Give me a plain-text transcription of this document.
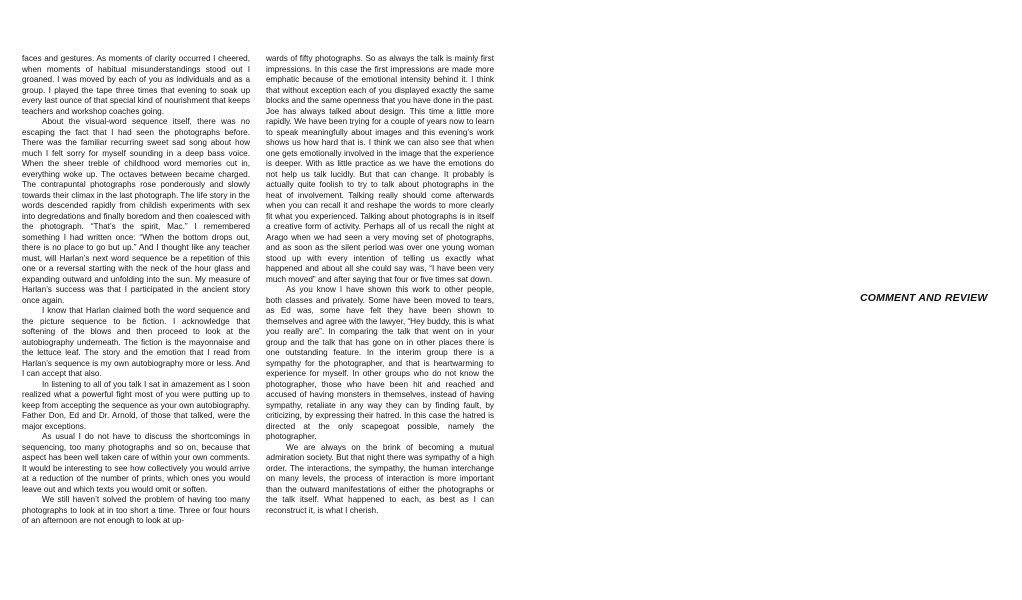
faces and gestures. As moments of clarity occurred I cheered, when moments of habitual misunderstandings stood out I groaned. I was moved by each of you as individuals and as a group. I played the tape three times that evening to soak up every last ounce of that special kind of nourishment that keeps teachers and workshop coaches going.

About the visual-word sequence itself, there was no escaping the fact that I had seen the photographs before. There was the familiar recurring sweet sad song about how much I felt sorry for myself sounding in a deep bass voice. When the sheer treble of childhood word memories cut in, everything woke up. The octaves between became charged. The contrapuntal photographs rose ponderously and slowly towards their climax in the last photograph. The life story in the words descended rapidly from childish experiments with sex into degredations and finally boredom and then coalesced with the photograph. “That’s the spirit, Mac.” I remembered something I had written once: “When the bottom drops out, there is no place to go but up.” And I thought like any teacher must, will Harlan’s next word sequence be a repetition of this one or a reversal starting with the neck of the hour glass and expanding outward and unfolding into the sun. My measure of Harlan’s success was that I participated in the ancient story once again.

I know that Harlan claimed both the word sequence and the picture sequence to be fiction. I acknowledge that softening of the blows and then proceed to look at the autobiography underneath. The fiction is the mayonnaise and the lettuce leaf. The story and the emotion that I read from Harlan’s sequence is my own autobiography more or less. And I can accept that also.

In listening to all of you talk I sat in amazement as I soon realized what a powerful fight most of you were putting up to keep from accepting the sequence as your own autobiography. Father Don, Ed and Dr. Arnold, of those that talked, were the major exceptions.

As usual I do not have to discuss the shortcomings in sequencing, too many photographs and so on, because that aspect has been well taken care of within your own comments. It would be interesting to see how collectively you would arrive at a reduction of the number of prints, which ones you would leave out and which texts you would omit or soften.

We still haven’t solved the problem of having too many photographs to look at in too short a time. Three or four hours of an afternoon are not enough to look at up-

wards of fifty photographs. So as always the talk is mainly first impressions. In this case the first impressions are made more emphatic because of the emotional intensity behind it. I think that without exception each of you displayed exactly the same blocks and the same openness that you have done in the past. Joe has always talked about design. This time a little more rapidly. We have been trying for a couple of years now to learn to speak meaningfully about images and this evening’s work shows us how hard that is. I think we can also see that when one gets emotionally involved in the image that the experience is deeper. With as little practice as we have the emotions do not help us talk lucidly. But that can change. It probably is actually quite foolish to try to talk about photographs in the heat of involvement. Talking really should come afterwards when you can recall it and reshape the words to more clearly fit what you experienced. Talking about photographs is in itself a creative form of activity. Perhaps all of us recall the night at Arago when we had seen a very moving set of photographs, and as soon as the silent period was over one young woman stood up with every intention of telling us exactly what happened and about all she could say was, “I have been very much moved” and after saying that four or five times sat down.

As you know I have shown this work to other people, both classes and privately. Some have been moved to tears, as Ed was, some have felt they have been shown to themselves and agree with the lawyer, “Hey buddy, this is what you really are”. In comparing the talk that went on in your group and the talk that has gone on in other places there is one outstanding feature. In the interim group there is a sympathy for the photographer, and that is heartwarming to experience for myself. In other groups who do not know the photographer, those who have been hit and reached and accused of having monsters in themselves, instead of having sympathy, retaliate in any way they can by finding fault, by criticizing, by expressing their hatred. In this case the hatred is directed at the only scapegoat possible, namely the photographer.

We are always on the brink of becoming a mutual admiration society. But that night there was sympathy of a high order. The interactions, the sympathy, the human interchange on many levels, the process of interaction is more important than the outward manifestations of either the photographs or the talk itself. What happened to each, as best as I can reconstruct it, is what I cherish.

COMMENT AND REVIEW
